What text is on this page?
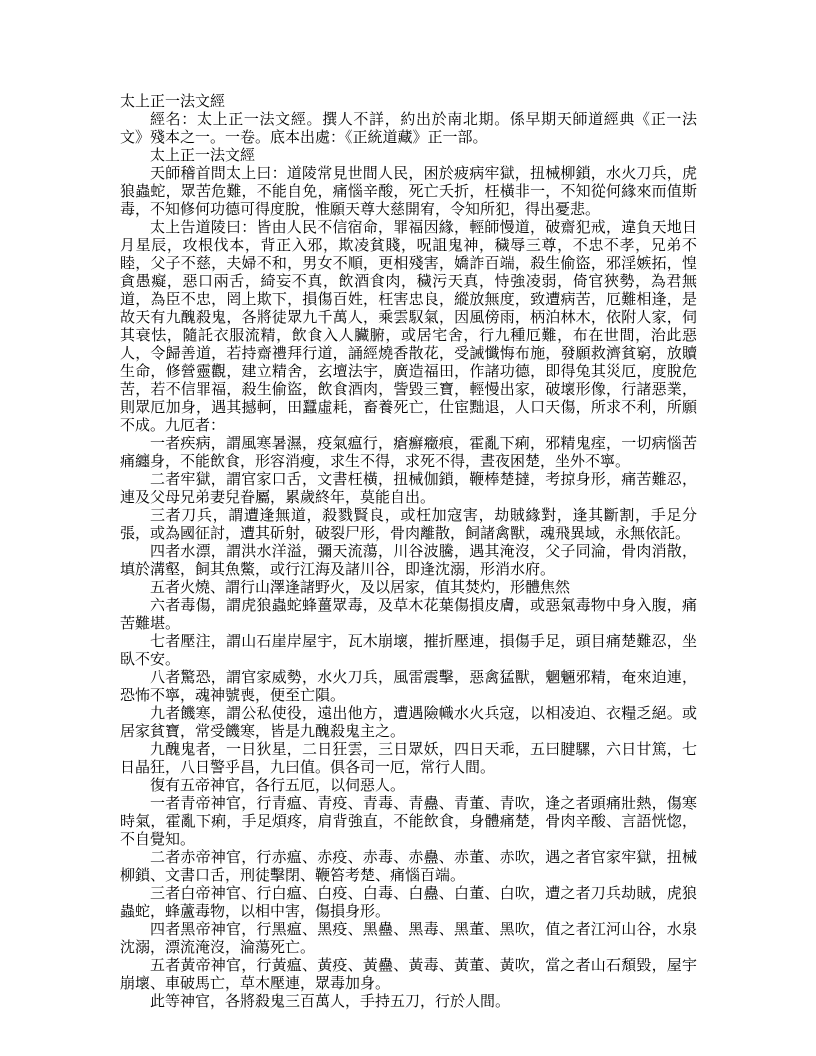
太上正一法文經

經名：太上正一法文經。撰人不詳，約出於南北期。係早期天師道經典《正一法文》殘本之一。一卷。底本出處：《正統道藏》正一部。

太上正一法文經

天師稽首問太上曰：道陵常見世間人民，困於疲病牢獄，扭械柳鎖，水火刀兵，虎狼蟲蛇，眾苦危難，不能自免，痛惱辛酸，死亡夭折，枉橫非一，不知從何緣來而值斯毒，不知修何功德可得度脫，惟願天尊大慈開宥，令知所犯，得出憂悲。

太上告道陵曰：皆由人民不信宿命，罪福因緣，輕師慢道，破齋犯戒，違負天地日月星辰，攻根伐本，背正入邪，欺凌貧賤，呪詛鬼神，穢辱三尊，不忠不孝，兄弟不睦，父子不慈，夫婦不和，男女不順，更相殘害，嬌詐百端，殺生偷盜，邪淫嫉拓，惶貪愚癡，惡口兩舌，綺妄不真，飲酒食肉，穢污天真，恃強凌弱，倚官狹勢，為君無道，為臣不忠，罔上欺下，損傷百姓，枉害忠良，縱放無度，致遭病苦，厄難相逢，是故天有九醜殺鬼，各將徒眾九千萬人，乘雲馭氣，因風傍雨，柄泊林木，依附人家，伺其衰怯，隨託衣服流精，飲食入人臟腑，或居宅舍，行九種厄難，布在世間，治此惡人，令歸善道，若持齋禮拜行道，誦經燒香散花，受誡懺悔布施，發願救濟貧窮，放贖生命，修營靈觀，建立精舍，玄壇法宇，廣造福田，作諸功德，即得兔其災厄，度脫危苦，若不信罪福，殺生偷盜，飲食酒肉，訾毀三寶，輕慢出家，破壞形像，行諸惡業，則眾厄加身，遇其撼軻，田蠶虛耗，畜養死亡，仕宦黜退，人口天傷，所求不利，所願不成。九厄者：

一者疾病，謂風寒暑濕，疫氣瘟行，瘡癬癥痕，霍亂下痢，邪精鬼痓，一切病惱苦痛纏身，不能飲食，形容消瘦，求生不得，求死不得，晝夜困楚，坐外不寧。

二者牢獄，謂官家口舌，文書枉橫，扭械伽鎖，鞭棒楚撻，考掠身形，痛苦難忍，連及父母兄弟妻兒眷屬，累歲終年，莫能自出。

三者刀兵，謂遭逢無道，殺戮賢良，或枉加寇害，劫賊緣對，逢其斷割，手足分張，或為國征討，遭其斫射，破裂尸形，骨肉離散，飼諸禽獸，魂飛異域，永無依託。

四者水漂，謂洪水洋溢，彌天流蕩，川谷波騰，遇其淹沒，父子同淪，骨肉消散，填於溝壑，飼其魚鱉，或行江海及諸川谷，即逢沈溺，形消水府。

五者火燒、謂行山澤逢諸野火，及以居家，值其焚灼，形體焦然

六者毒傷，謂虎狼蟲蛇蜂薑眾毒，及草木花葉傷損皮膚，或惡氣毒物中身入腹，痛苦難堪。

七者壓注，謂山石崖岸屋宇，瓦木崩壞，摧折壓連，損傷手足，頭目痛楚難忍，坐臥不安。

八者驚恐，謂官家威勢，水火刀兵，風雷震擊，惡禽猛獸，魍魎邪精，奄來迫連，恐怖不寧，魂神號喪，便至亡隕。

九者饑寒，謂公私使役，遠出他方，遭遇險幟水火兵寇，以相凌迫、衣糧乏絕。或居家貧寶，常受饑寒，皆是九醜殺鬼主之。

九醜鬼者，一日狄星，二日狂雲，三日眾妖，四日天乖，五曰腱騾，六日甘篤，七日晶狂，八日警乎昌，九曰值。俱各司一厄，常行人間。

復有五帝神官，各行五厄，以伺惡人。

一者青帝神官，行青瘟、青疫、青毒、青蠱、青董、青吹，逢之者頭痛壯熱，傷寒時氣，霍亂下痢，手足煩疼，肩背強直，不能飲食，身體痛楚，骨肉辛酸、言語恍惚，不自覺知。

二者赤帝神官，行赤瘟、赤疫、赤毒、赤蠱、赤董、赤吹，遇之者官家牢獄，扭械柳鎖、文書口舌，刑徒擊閉、鞭笞考楚、痛惱百端。

三者白帝神官、行白瘟、白疫、白毒、白蠱、白董、白吹，遭之者刀兵劫賊，虎狼蟲蛇，蜂蘆毒物，以相中害，傷損身形。

四者黑帝神官，行黑瘟、黑疫、黑蠱、黑毒、黑董、黑吹，值之者江河山谷，水泉沈溺，漂流淹沒，淪蕩死亡。

五者黃帝神官，行黃瘟、黃疫、黃蠱、黃毒、黃董、黃吹，當之者山石頹毀，屋宇崩壞、車破馬亡，草木壓連，眾毒加身。

此等神官，各將殺鬼三百萬人，手持五刀，行於人間。
